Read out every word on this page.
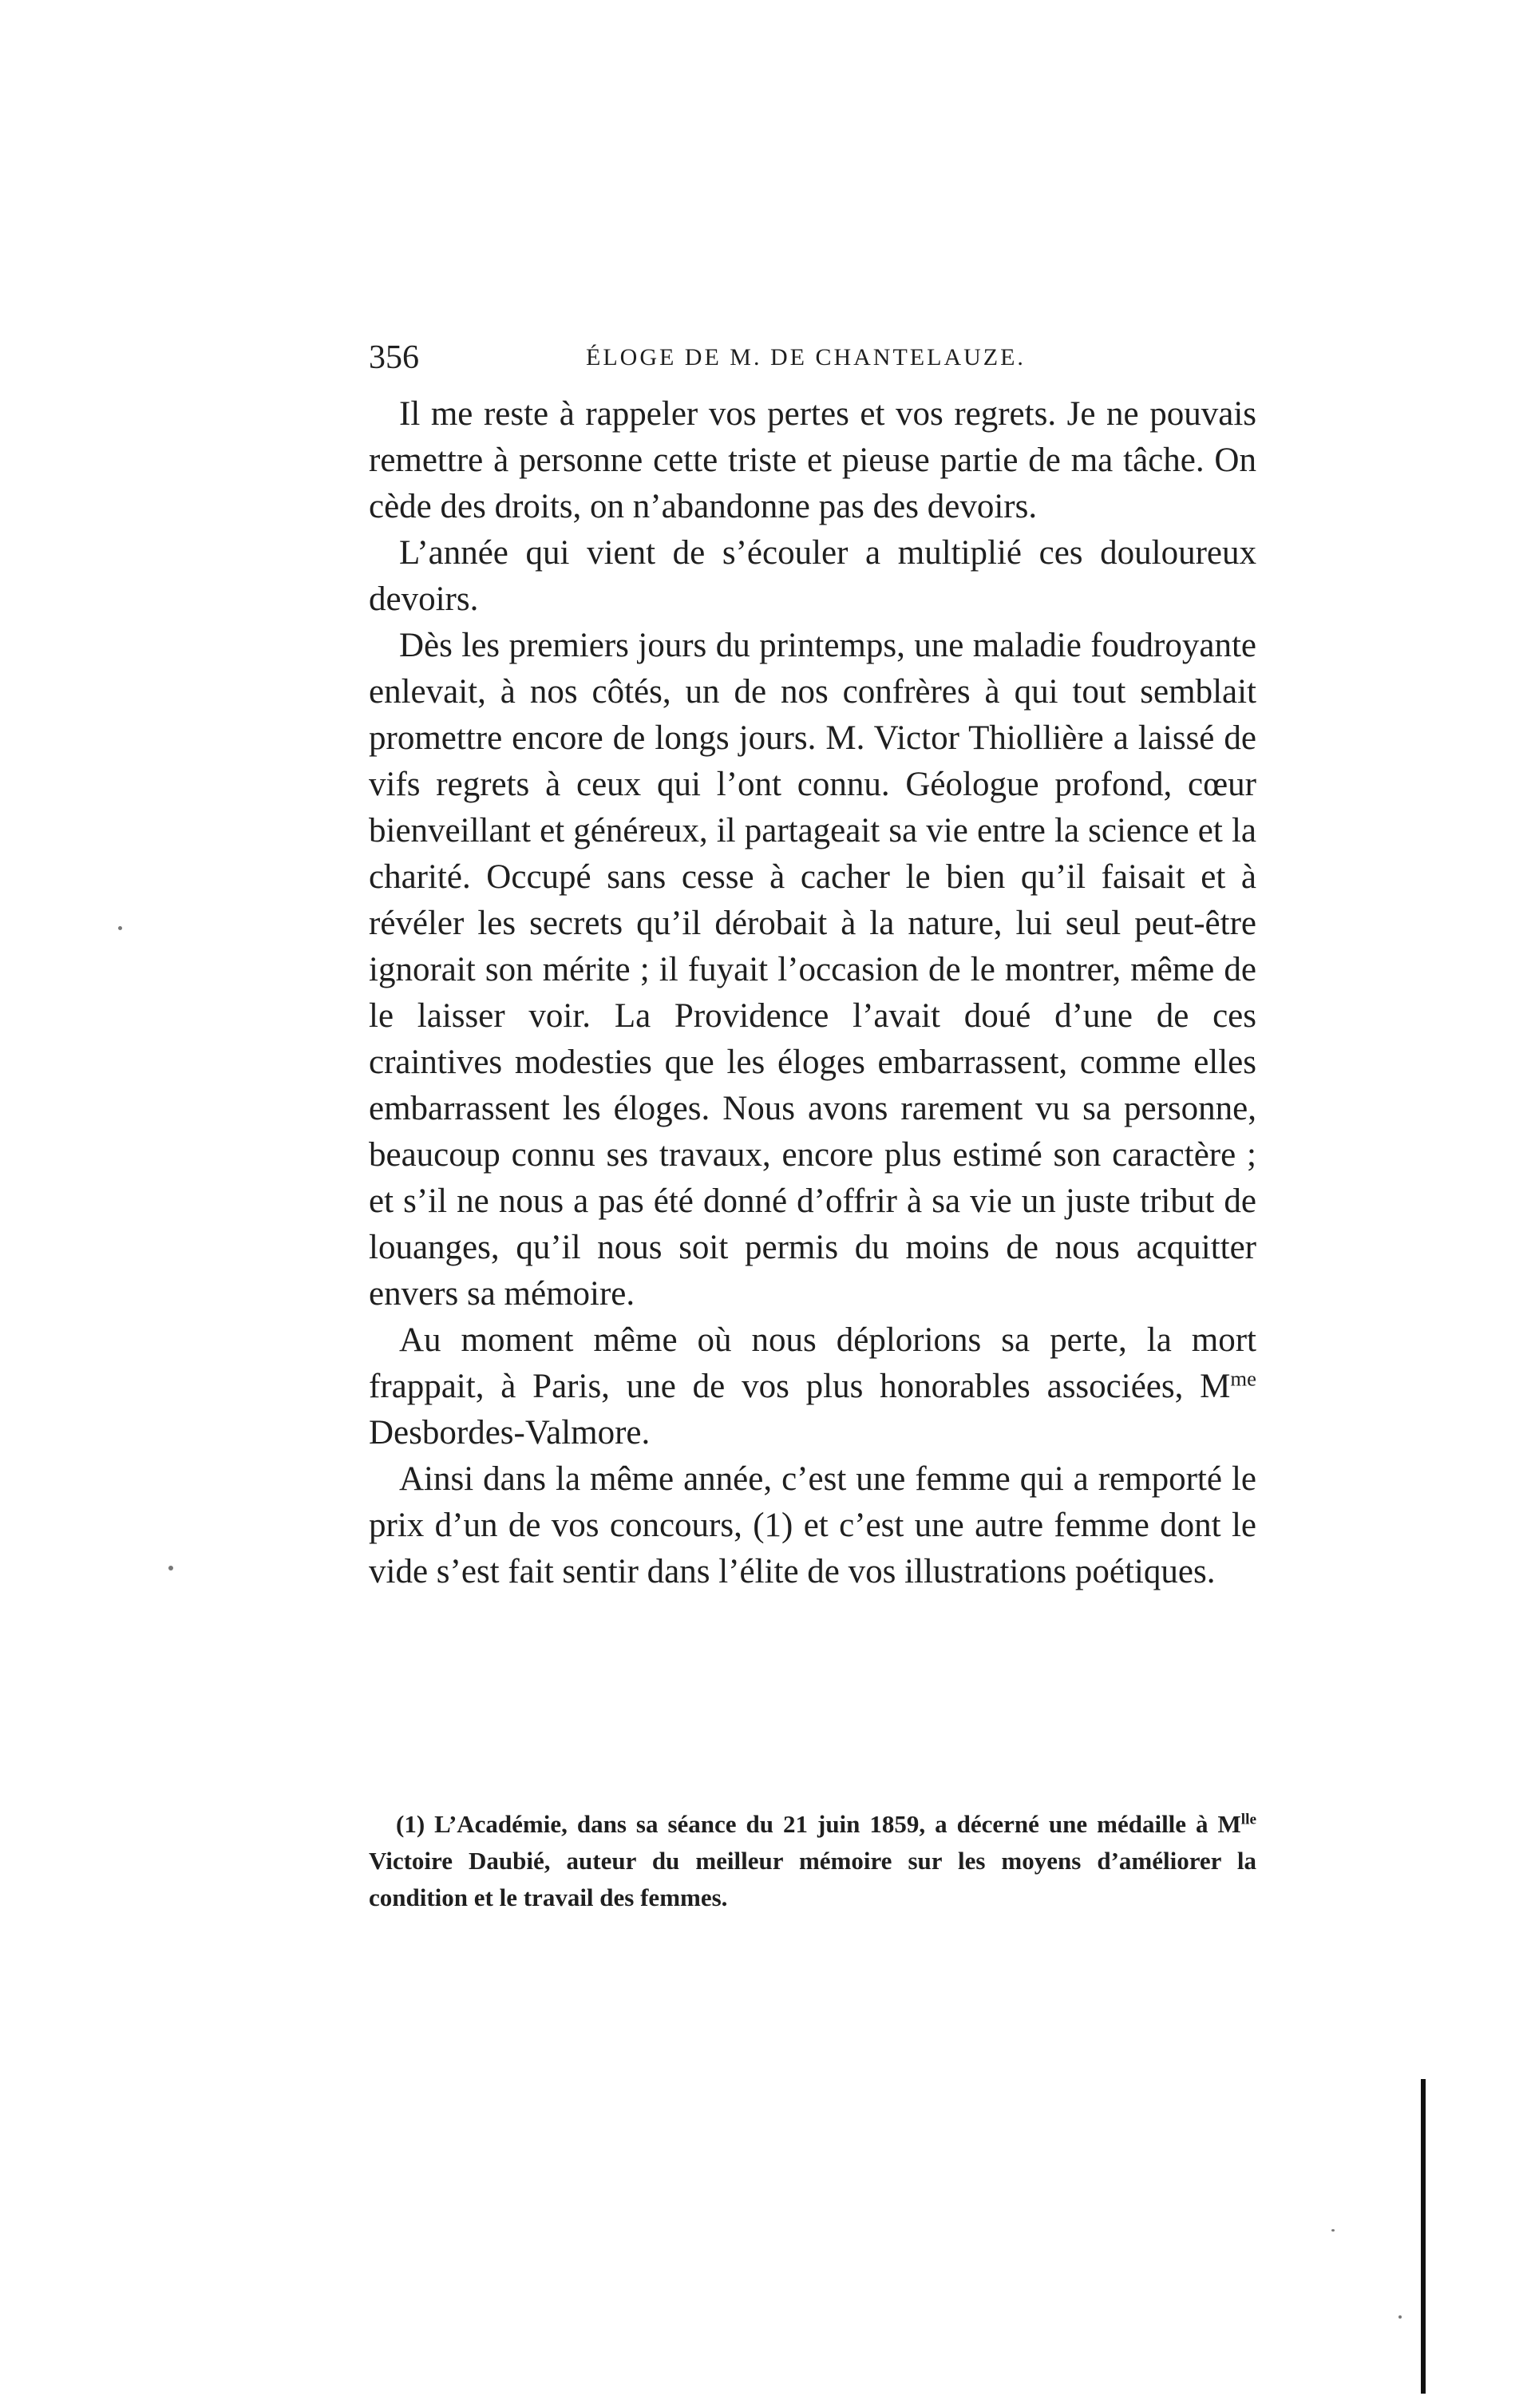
356	ÉLOGE DE M. DE CHANTELAUZE.

Il me reste à rappeler vos pertes et vos regrets. Je ne pouvais remettre à personne cette triste et pieuse partie de ma tâche. On cède des droits, on n’abandonne pas des devoirs.

L’année qui vient de s’écouler a multiplié ces douloureux devoirs.

Dès les premiers jours du printemps, une maladie foudroyante enlevait, à nos côtés, un de nos confrères à qui tout semblait promettre encore de longs jours. M. Victor Thiollière a laissé de vifs regrets à ceux qui l’ont connu. Géologue profond, cœur bienveillant et généreux, il partageait sa vie entre la science et la charité. Occupé sans cesse à cacher le bien qu’il faisait et à révéler les secrets qu’il dérobait à la nature, lui seul peut-être ignorait son mérite ; il fuyait l’occasion de le montrer, même de le laisser voir. La Providence l’avait doué d’une de ces craintives modesties que les éloges embarrassent, comme elles embarrassent les éloges. Nous avons rarement vu sa personne, beaucoup connu ses travaux, encore plus estimé son caractère ; et s’il ne nous a pas été donné d’offrir à sa vie un juste tribut de louanges, qu’il nous soit permis du moins de nous acquitter envers sa mémoire.

Au moment même où nous déplorions sa perte, la mort frappait, à Paris, une de vos plus honorables associées, $M^{me}$ Desbordes-Valmore.

Ainsi dans la même année, c’est une femme qui a remporté le prix d’un de vos concours, (1) et c’est une autre femme dont le vide s’est fait sentir dans l’élite de vos illustrations poétiques.

(1) L’Académie, dans sa séance du 21 juin 1859, a décerné une médaille à $M^{lle}$ Victoire Daubié, auteur du meilleur mémoire sur les moyens d’améliorer la condition et le travail des femmes.
